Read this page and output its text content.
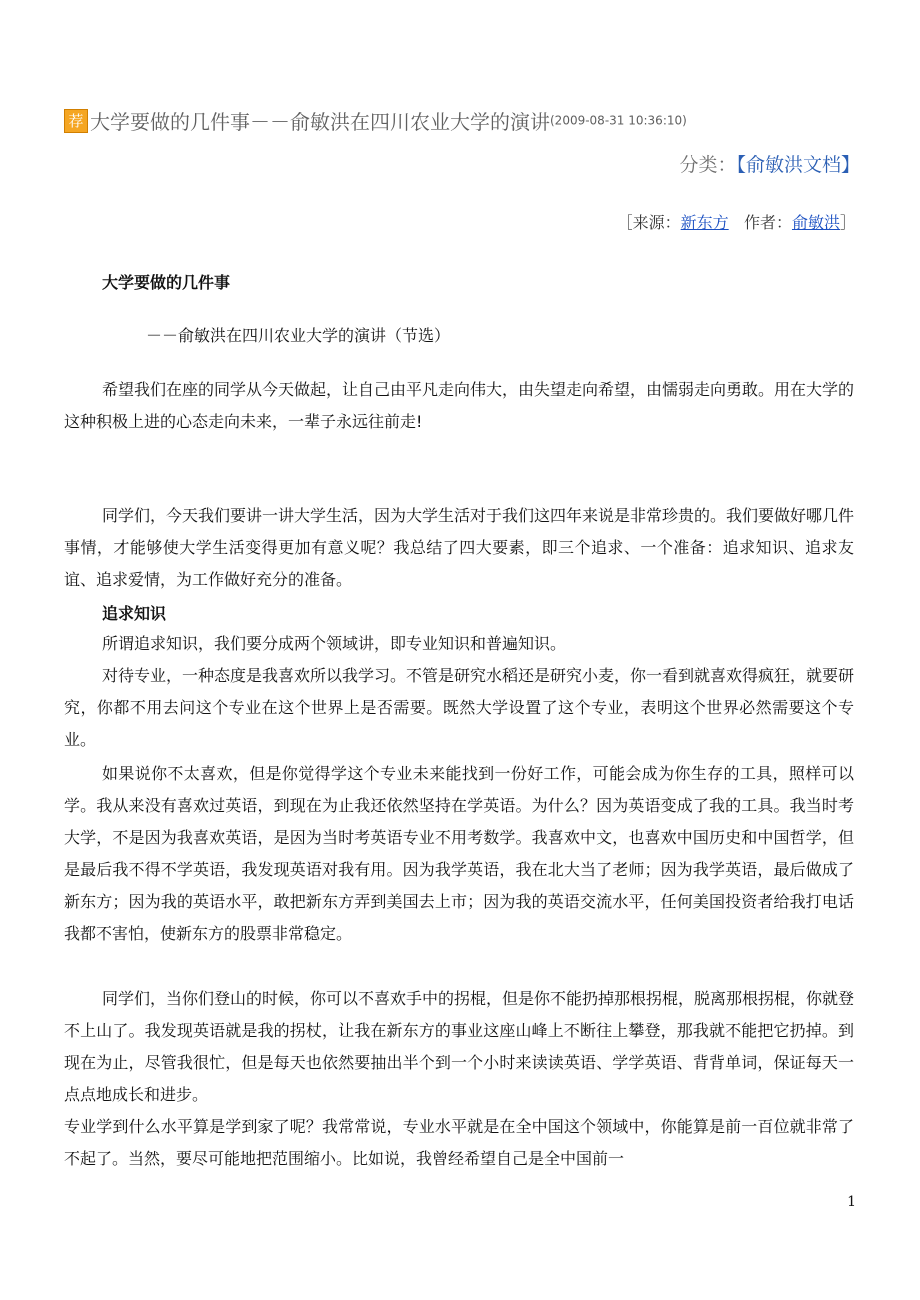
荐 大学要做的几件事－－俞敏洪在四川农业大学的演讲(2009-08-31 10:36:10)
分类：【俞敏洪文档】
［来源：新东方 作者：俞敏洪］
大学要做的几件事
－－俞敏洪在四川农业大学的演讲（节选）

希望我们在座的同学从今天做起，让自己由平凡走向伟大，由失望走向希望，由懦弱走向勇敢。用在大学的这种积极上进的心态走向未来，一辈子永远往前走!

同学们，今天我们要讲一讲大学生活，因为大学生活对于我们这四年来说是非常珍贵的。我们要做好哪几件事情，才能够使大学生活变得更加有意义呢？我总结了四大要素，即三个追求、一个准备：追求知识、追求友谊、追求爱情，为工作做好充分的准备。

追求知识

所谓追求知识，我们要分成两个领域讲，即专业知识和普遍知识。

对待专业，一种态度是我喜欢所以我学习。不管是研究水稻还是研究小麦，你一看到就喜欢得疯狂，就要研究，你都不用去问这个专业在这个世界上是否需要。既然大学设置了这个专业，表明这个世界必然需要这个专业。

如果说你不太喜欢，但是你觉得学这个专业未来能找到一份好工作，可能会成为你生存的工具，照样可以学。我从来没有喜欢过英语，到现在为止我还依然坚持在学英语。为什么？因为英语变成了我的工具。我当时考大学，不是因为我喜欢英语，是因为当时考英语专业不用考数学。我喜欢中文，也喜欢中国历史和中国哲学，但是最后我不得不学英语，我发现英语对我有用。因为我学英语，我在北大当了老师；因为我学英语，最后做成了新东方；因为我的英语水平，敢把新东方弄到美国去上市；因为我的英语交流水平，任何美国投资者给我打电话我都不害怕，使新东方的股票非常稳定。

同学们，当你们登山的时候，你可以不喜欢手中的拐棍，但是你不能扔掉那根拐棍，脱离那根拐棍，你就登不上山了。我发现英语就是我的拐杖，让我在新东方的事业这座山峰上不断往上攀登，那我就不能把它扔掉。到现在为止，尽管我很忙，但是每天也依然要抽出半个到一个小时来读读英语、学学英语、背背单词，保证每天一点点地成长和进步。

专业学到什么水平算是学到家了呢？我常常说，专业水平就是在全中国这个领域中，你能算是前一百位就非常了不起了。当然，要尽可能地把范围缩小。比如说，我曾经希望自己是全中国前一

1
